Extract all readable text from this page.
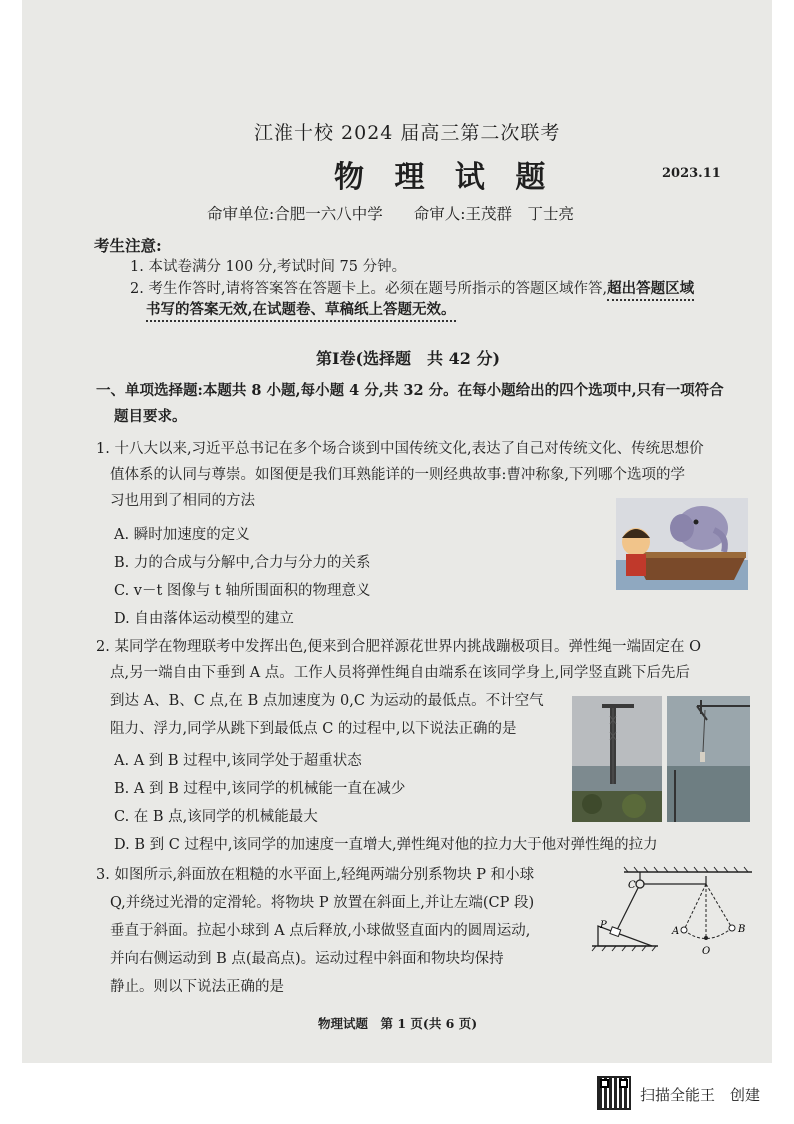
江淮十校 2024 届高三第二次联考
物 理 试 题	2023.11
命审单位:合肥一六八中学　　命审人:王茂群　丁士亮
考生注意:
1. 本试卷满分 100 分,考试时间 75 分钟。
2. 考生作答时,请将答案答在答题卡上。必须在题号所指示的答题区域作答,超出答题区域
书写的答案无效,在试题卷、草稿纸上答题无效。
第Ⅰ卷(选择题　共 42 分)
一、单项选择题:本题共 8 小题,每小题 4 分,共 32 分。在每小题给出的四个选项中,只有一项符合
题目要求。
1. 十八大以来,习近平总书记在多个场合谈到中国传统文化,表达了自己对传统文化、传统思想价
值体系的认同与尊崇。如图便是我们耳熟能详的一则经典故事:曹冲称象,下列哪个选项的学
习也用到了相同的方法
A. 瞬时加速度的定义
B. 力的合成与分解中,合力与分力的关系
C. v－t 图像与 t 轴所围面积的物理意义
D. 自由落体运动模型的建立
2. 某同学在物理联考中发挥出色,便来到合肥祥源花世界内挑战蹦极项目。弹性绳一端固定在 O
点,另一端自由下垂到 A 点。工作人员将弹性绳自由端系在该同学身上,同学竖直跳下后先后
到达 A、B、C 点,在 B 点加速度为 0,C 为运动的最低点。不计空气
阻力、浮力,同学从跳下到最低点 C 的过程中,以下说法正确的是
A. A 到 B 过程中,该同学处于超重状态
B. A 到 B 过程中,该同学的机械能一直在减少
C. 在 B 点,该同学的机械能最大
D. B 到 C 过程中,该同学的加速度一直增大,弹性绳对他的拉力大于他对弹性绳的拉力
3. 如图所示,斜面放在粗糙的水平面上,轻绳两端分别系物块 P 和小球
Q,并绕过光滑的定滑轮。将物块 P 放置在斜面上,并让左端(CP 段)
垂直于斜面。拉起小球到 A 点后释放,小球做竖直面内的圆周运动,
并向右侧运动到 B 点(最高点)。运动过程中斜面和物块均保持
静止。则以下说法正确的是
C
P
A	B
O
物理试题　第 1 页(共 6 页)
扫描全能王　创建
